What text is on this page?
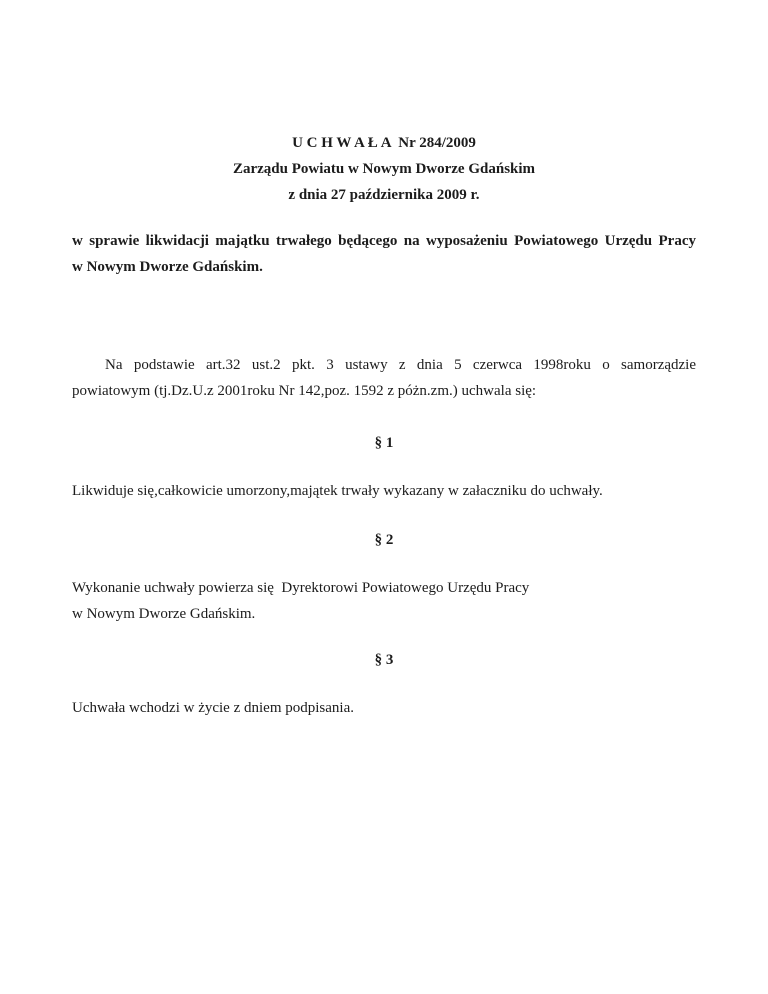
U C H W A Ł A  Nr 284/2009
Zarządu Powiatu w Nowym Dworze Gdańskim
z dnia 27 października 2009 r.
w sprawie likwidacji majątku trwałego będącego na wyposażeniu Powiatowego Urzędu Pracy
w Nowym Dworze Gdańskim.
Na podstawie art.32 ust.2 pkt. 3 ustawy z dnia 5 czerwca 1998roku o samorządzie
powiatowym (tj.Dz.U.z 2001roku Nr 142,poz. 1592 z póżn.zm.) uchwala się:
§ 1
Likwiduje się,całkowicie umorzony,majątek trwały wykazany w załaczniku do uchwały.
§ 2
Wykonanie uchwały powierza się  Dyrektorowi Powiatowego Urzędu Pracy
w Nowym Dworze Gdańskim.
§ 3
Uchwała wchodzi w życie z dniem podpisania.
